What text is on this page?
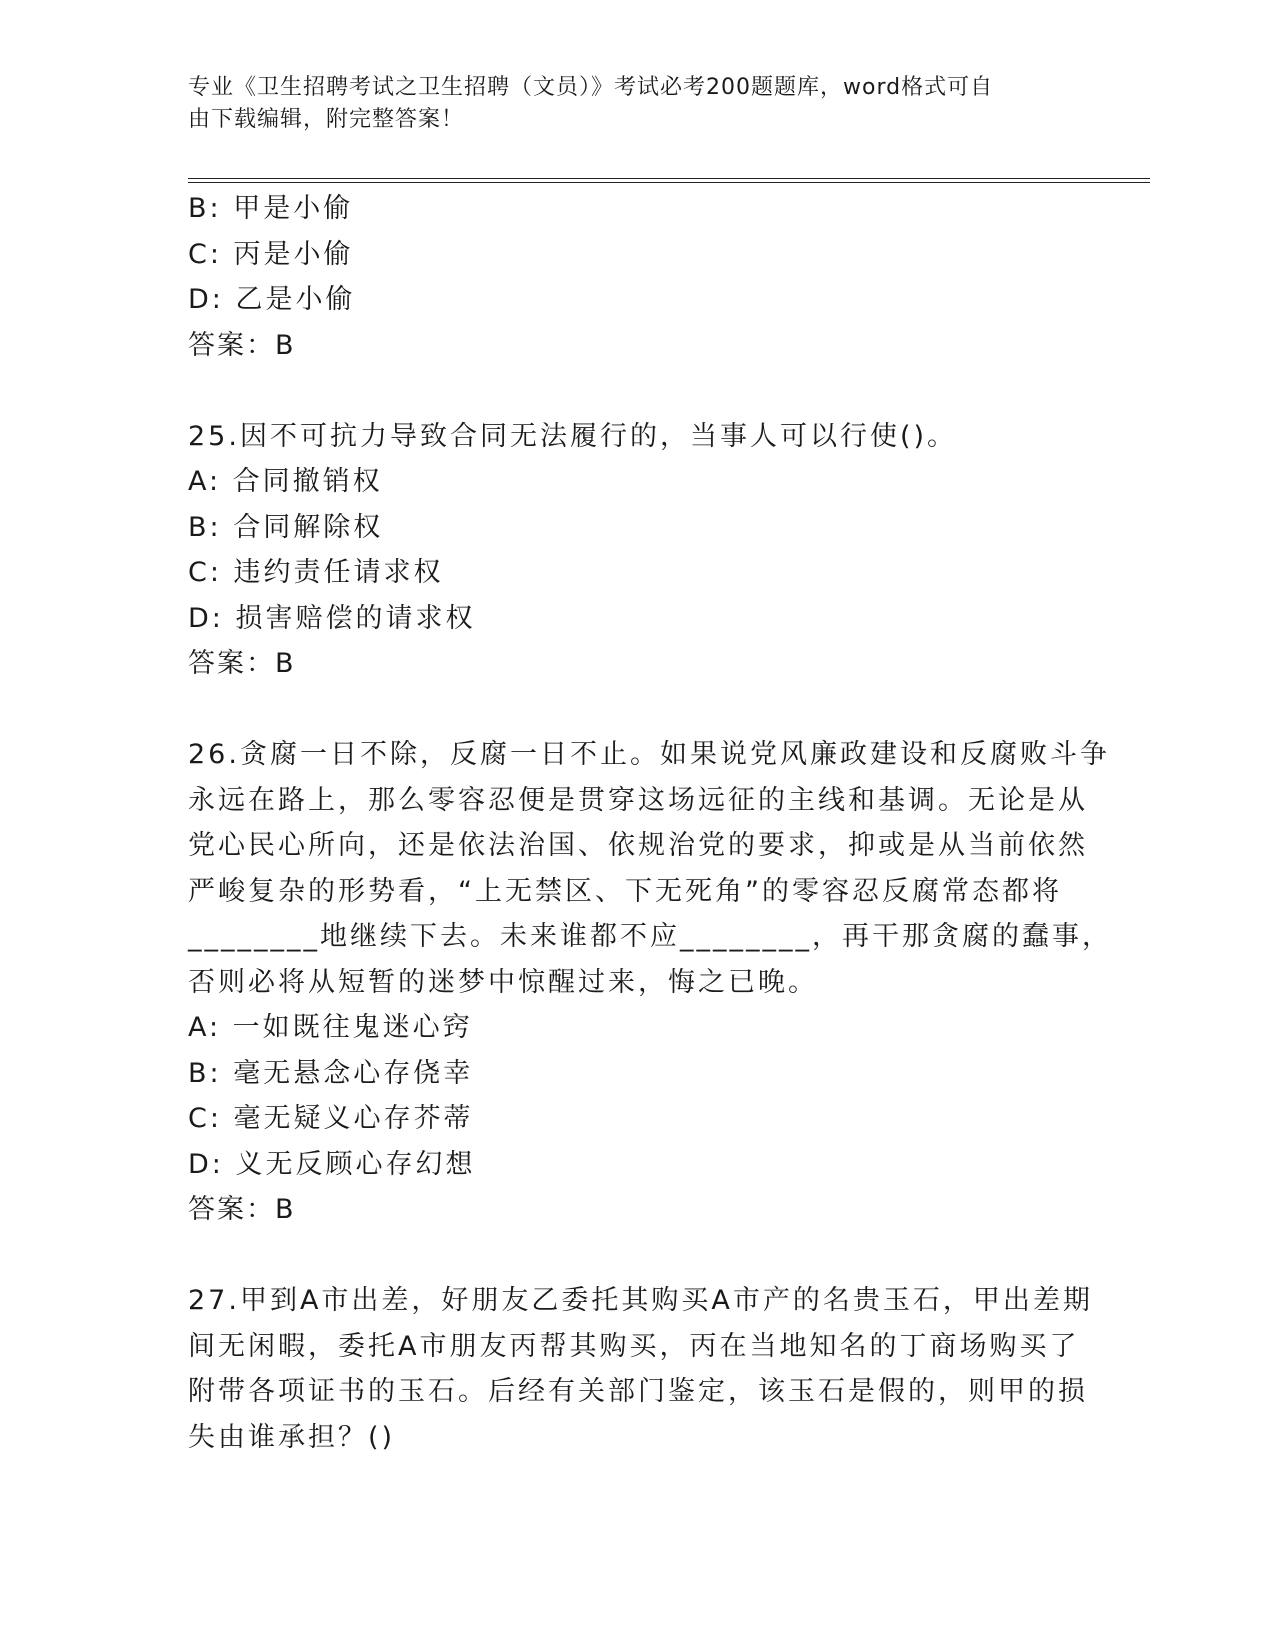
专业《卫生招聘考试之卫生招聘（文员）》考试必考200题题库，word格式可自
由下载编辑，附完整答案！
B: 甲是小偷
C: 丙是小偷
D: 乙是小偷
答案：B
25.因不可抗力导致合同无法履行的，当事人可以行使()。
A: 合同撤销权
B: 合同解除权
C: 违约责任请求权
D: 损害赔偿的请求权
答案：B
26.贪腐一日不除，反腐一日不止。如果说党风廉政建设和反腐败斗争
永远在路上，那么零容忍便是贯穿这场远征的主线和基调。无论是从
党心民心所向，还是依法治国、依规治党的要求，抑或是从当前依然
严峻复杂的形势看，“上无禁区、下无死角”的零容忍反腐常态都将
________地继续下去。未来谁都不应________，再干那贪腐的蠢事，
否则必将从短暂的迷梦中惊醒过来，悔之已晚。
A: 一如既往鬼迷心窍
B: 毫无悬念心存侥幸
C: 毫无疑义心存芥蒂
D: 义无反顾心存幻想
答案：B
27.甲到A市出差，好朋友乙委托其购买A市产的名贵玉石，甲出差期
间无闲暇，委托A市朋友丙帮其购买，丙在当地知名的丁商场购买了
附带各项证书的玉石。后经有关部门鉴定，该玉石是假的，则甲的损
失由谁承担？()
